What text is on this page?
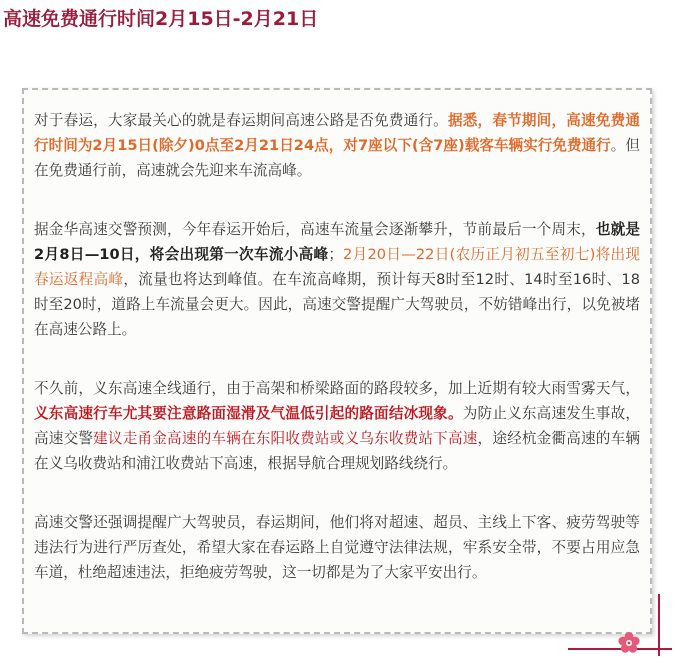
高速免费通行时间2月15日-2月21日

对于春运，大家最关心的就是春运期间高速公路是否免费通行。据悉，春节期间，高速免费通行时间为2月15日(除夕)0点至2月21日24点，对7座以下(含7座)载客车辆实行免费通行。但在免费通行前，高速就会先迎来车流高峰。

据金华高速交警预测，今年春运开始后，高速车流量会逐渐攀升，节前最后一个周末，也就是2月8日—10日，将会出现第一次车流小高峰；2月20日—22日(农历正月初五至初七)将出现春运返程高峰，流量也将达到峰值。在车流高峰期，预计每天8时至12时、14时至16时、18时至20时，道路上车流量会更大。因此，高速交警提醒广大驾驶员，不妨错峰出行，以免被堵在高速公路上。

不久前，义东高速全线通行，由于高架和桥梁路面的路段较多，加上近期有较大雨雪雾天气，义东高速行车尤其要注意路面湿滑及气温低引起的路面结冰现象。为防止义东高速发生事故，高速交警建议走甬金高速的车辆在东阳收费站或义乌东收费站下高速，途经杭金衢高速的车辆在义乌收费站和浦江收费站下高速，根据导航合理规划路线绕行。

高速交警还强调提醒广大驾驶员，春运期间，他们将对超速、超员、主线上下客、疲劳驾驶等违法行为进行严厉查处，希望大家在春运路上自觉遵守法律法规，牢系安全带，不要占用应急车道，杜绝超速违法，拒绝疲劳驾驶，这一切都是为了大家平安出行。
